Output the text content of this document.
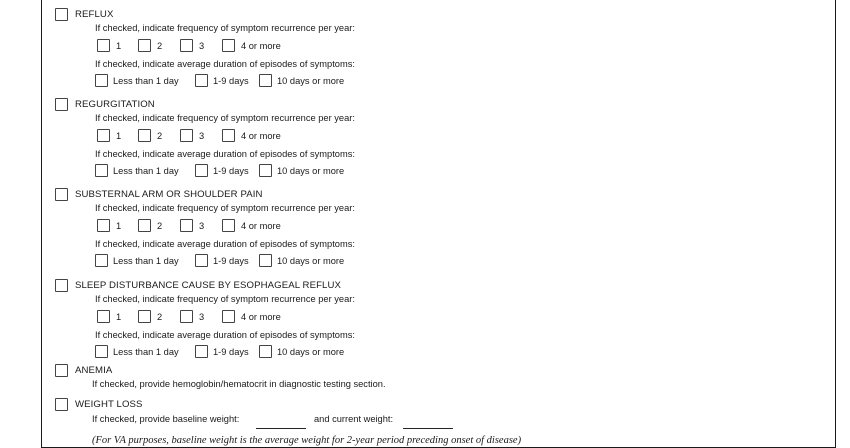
REFLUX
If checked, indicate frequency of symptom recurrence per year:
1	2	3	4 or more
If checked, indicate average duration of episodes of symptoms:
Less than 1 day	1-9 days	10 days or more
REGURGITATION
If checked, indicate frequency of symptom recurrence per year:
1	2	3	4 or more
If checked, indicate average duration of episodes of symptoms:
Less than 1 day	1-9 days	10 days or more
SUBSTERNAL ARM OR SHOULDER PAIN
If checked, indicate frequency of symptom recurrence per year:
1	2	3	4 or more
If checked, indicate average duration of episodes of symptoms:
Less than 1 day	1-9 days	10 days or more
SLEEP DISTURBANCE CAUSE BY ESOPHAGEAL REFLUX
If checked, indicate frequency of symptom recurrence per year:
1	2	3	4 or more
If checked, indicate average duration of episodes of symptoms:
Less than 1 day	1-9 days	10 days or more
ANEMIA
If checked, provide hemoglobin/hematocrit in diagnostic testing section.
WEIGHT LOSS
If checked, provide baseline weight:	and current weight:
(For VA purposes, baseline weight is the average weight for 2-year period preceding onset of disease)
